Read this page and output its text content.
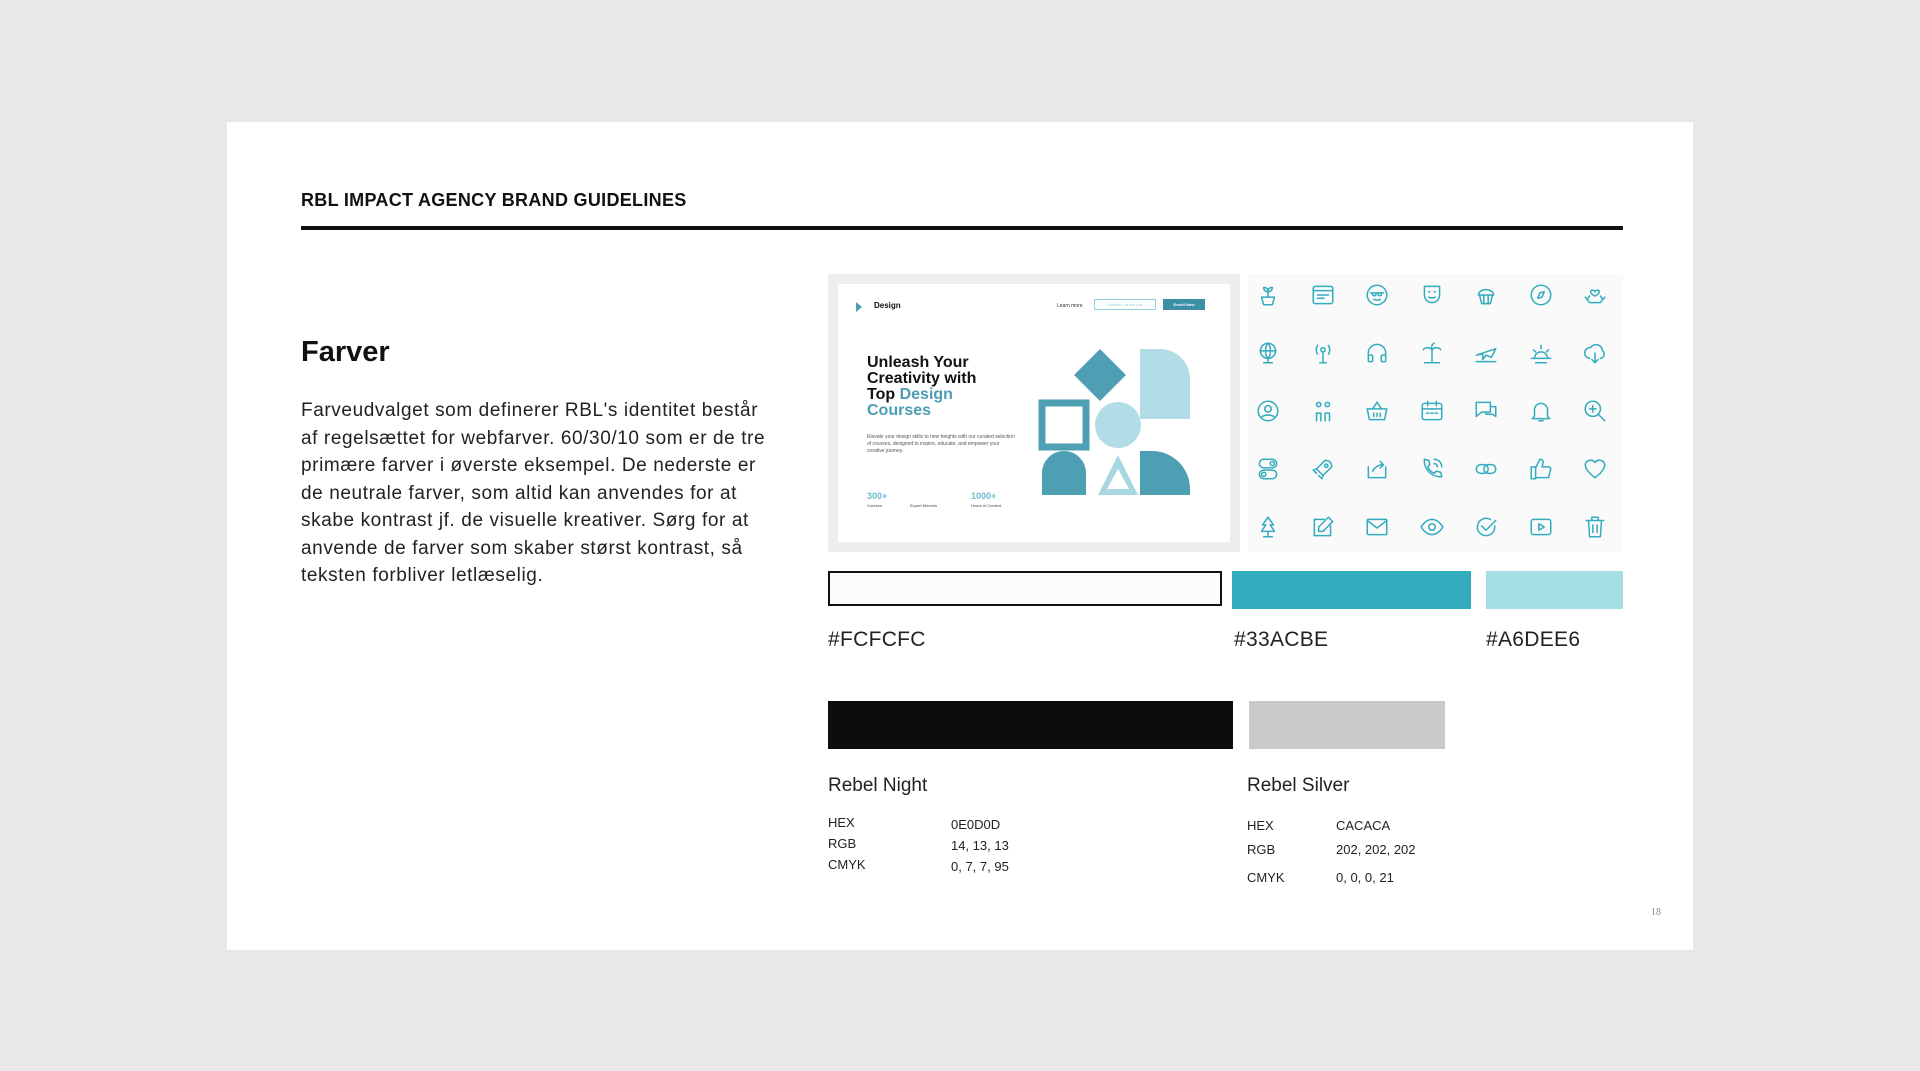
RBL IMPACT AGENCY BRAND GUIDELINES
Farver
Farveudvalget som definerer RBL's identitet består af regelsættet for webfarver. 60/30/10 som er de tre primære farver i øverste eksempel. De nederste er de neutrale farver, som altid kan anvendes for at skabe kontrast jf. de visuelle kreativer. Sørg for at anvende de farver som skaber størst kontrast, så teksten forbliver letlæselig.
Design	Learn more	Explore Course List	Enroll Now
Unleash Your
Creativity with
Top Design
Courses
Elevate your design skills to new heights with our curated selection of courses, designed to inspire, educate, and empower your creative journey.
300+
Courses	Expert Mentors
1000+
Hours of Content
#FCFCFC	#33ACBE	#A6DEE6
Rebel Night
HEX	0E0D0D
RGB	14, 13, 13
CMYK	0, 7, 7, 95
Rebel Silver
HEX	CACACA
RGB	202, 202, 202
CMYK	0, 0, 0, 21
18
